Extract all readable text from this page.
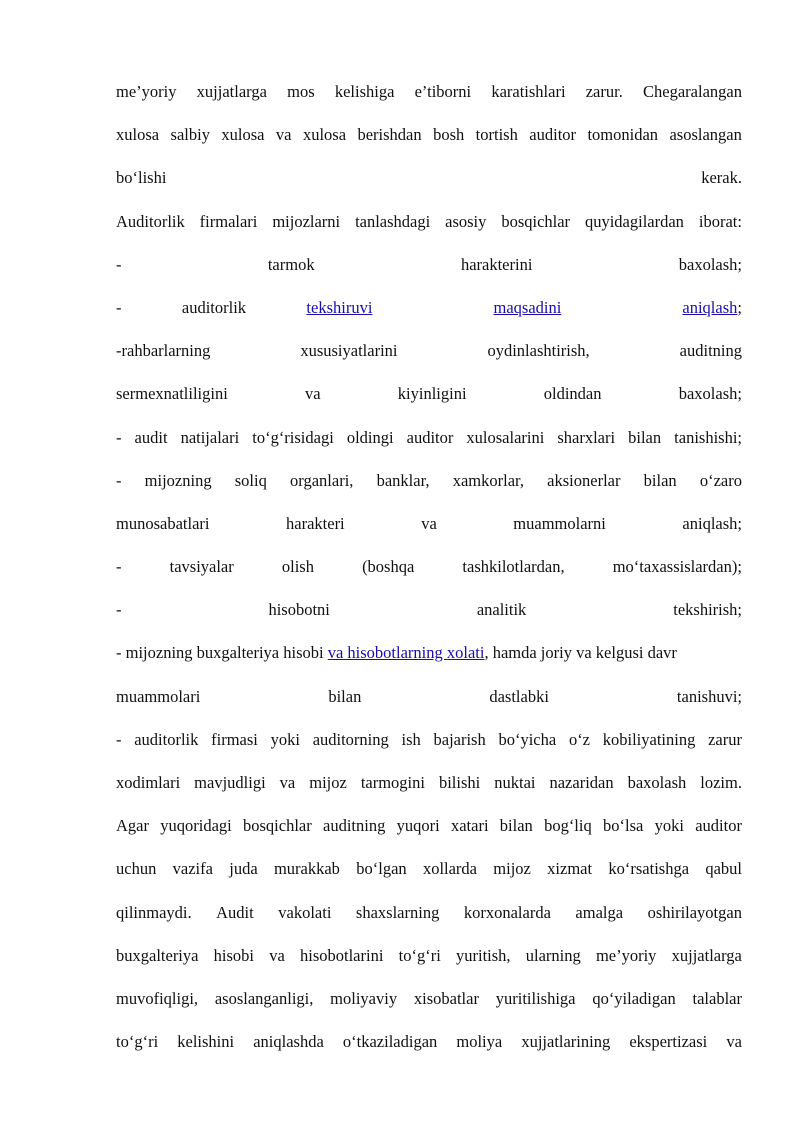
me’yoriy xujjatlarga mos kelishiga e’tiborni karatishlari zarur. Chegaralangan
xulosa salbiy xulosa va xulosa berishdan bosh tortish auditor tomonidan asoslangan
bo‘lishi	kerak.
Auditorlik firmalari mijozlarni tanlashdagi asosiy bosqichlar quyidagilardan iborat:
-	tarmok	harakterini	baxolash;
-	auditorlik	tekshiruvi	maqsadini	aniqlash ;
-rahbarlarning	xususiyatlarini	oydinlashtirish,	auditning
sermexnatliligini	va	kiyinligini	oldindan	baxolash;
- audit natijalari to‘g‘risidagi oldingi auditor xulosalarini sharxlari bilan tanishishi;
- mijozning soliq organlari, banklar, xamkorlar, aksionerlar bilan o‘zaro
munosabatlari	harakteri	va	muammolarni	aniqlash;
-	tavsiyalar	olish	(boshqa	tashkilotlardan,	mo‘taxassislardan);
-	hisobotni	analitik	tekshirish;
- mijozning buxgalteriya hisobi va hisobotlarning xolati , hamda joriy va kelgusi davr
muammolari	bilan	dastlabki	tanishuvi;
- auditorlik firmasi yoki auditorning ish bajarish bo‘yicha o‘z kobiliyatining zarur
xodimlari mavjudligi va mijoz tarmogini bilishi nuktai nazaridan baxolash lozim.
Agar yuqoridagi bosqichlar auditning yuqori xatari bilan bog‘liq bo‘lsa yoki auditor
uchun vazifa juda murakkab bo‘lgan xollarda mijoz xizmat ko‘rsatishga qabul
qilinmaydi. Audit vakolati shaxslarning korxonalarda amalga oshirilayotgan
buxgalteriya hisobi va hisobotlarini to‘g‘ri yuritish, ularning me’yoriy xujjatlarga
muvofiqligi, asoslanganligi, moliyaviy xisobatlar yuritilishiga qo‘yiladigan talablar
to‘g‘ri kelishini aniqlashda o‘tkaziladigan moliya xujjatlarining ekspertizasi va
